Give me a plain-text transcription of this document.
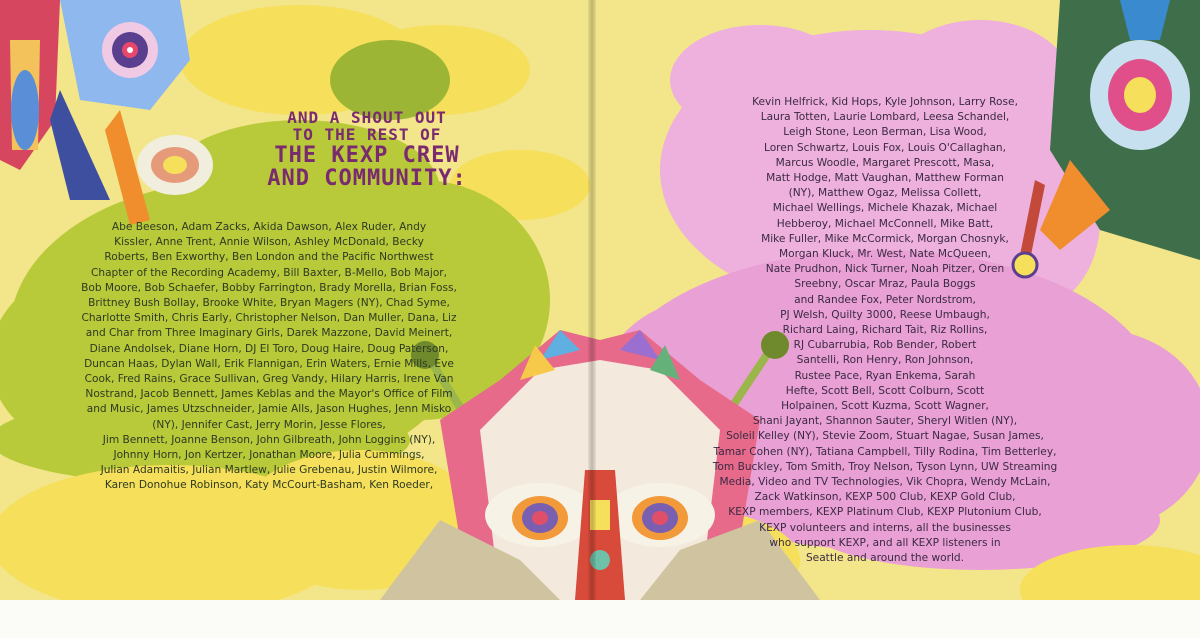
AND A SHOUT OUT
TO THE REST OF
THE KEXP CREW
AND COMMUNITY:
Abe Beeson, Adam Zacks, Akida Dawson, Alex Ruder, Andy
Kissler, Anne Trent, Annie Wilson, Ashley McDonald, Becky
Roberts, Ben Exworthy, Ben London and the Pacific Northwest
Chapter of the Recording Academy, Bill Baxter, B-Mello, Bob Major,
Bob Moore, Bob Schaefer, Bobby Farrington, Brady Morella, Brian Foss,
Brittney Bush Bollay, Brooke White, Bryan Magers (NY), Chad Syme,
Charlotte Smith, Chris Early, Christopher Nelson, Dan Muller, Dana, Liz
and Char from Three Imaginary Girls, Darek Mazzone, David Meinert,
Diane Andolsek, Diane Horn, DJ El Toro, Doug Haire, Doug Paterson,
Duncan Haas, Dylan Wall, Erik Flannigan, Erin Waters, Ernie Mills, Eve
Cook, Fred Rains, Grace Sullivan, Greg Vandy, Hilary Harris, Irene Van
Nostrand, Jacob Bennett, James Keblas and the Mayor's Office of Film
and Music, James Utzschneider, Jamie Alls, Jason Hughes, Jenn Misko
(NY), Jennifer Cast, Jerry Morin, Jesse Flores,
Jim Bennett, Joanne Benson, John Gilbreath, John Loggins (NY),
Johnny Horn, Jon Kertzer, Jonathan Moore, Julia Cummings,
Julian Adamaitis, Julian Martlew, Julie Grebenau, Justin Wilmore,
Karen Donohue Robinson, Katy McCourt-Basham, Ken Roeder,
Kevin Helfrick, Kid Hops, Kyle Johnson, Larry Rose,
Laura Totten, Laurie Lombard, Leesa Schandel,
Leigh Stone, Leon Berman, Lisa Wood,
Loren Schwartz, Louis Fox, Louis O'Callaghan,
Marcus Woodle, Margaret Prescott, Masa,
Matt Hodge, Matt Vaughan, Matthew Forman
(NY), Matthew Ogaz, Melissa Collett,
Michael Wellings, Michele Khazak, Michael
Hebberoy, Michael McConnell, Mike Batt,
Mike Fuller, Mike McCormick, Morgan Chosnyk,
Morgan Kluck, Mr. West, Nate McQueen,
Nate Prudhon, Nick Turner, Noah Pitzer, Oren
Sreebny, Oscar Mraz, Paula Boggs
and Randee Fox, Peter Nordstrom,
PJ Welsh, Quilty 3000, Reese Umbaugh,
Richard Laing, Richard Tait, Riz Rollins,
RJ Cubarrubia, Rob Bender, Robert
Santelli, Ron Henry, Ron Johnson,
Rustee Pace, Ryan Enkema, Sarah
Hefte, Scott Bell, Scott Colburn, Scott
Holpainen, Scott Kuzma, Scott Wagner,
Shani Jayant, Shannon Sauter, Sheryl Witlen (NY),
Soleil Kelley (NY), Stevie Zoom, Stuart Nagae, Susan James,
Tamar Cohen (NY), Tatiana Campbell, Tilly Rodina, Tim Betterley,
Tom Buckley, Tom Smith, Troy Nelson, Tyson Lynn, UW Streaming
Media, Video and TV Technologies, Vik Chopra, Wendy McLain,
Zack Watkinson, KEXP 500 Club, KEXP Gold Club,
KEXP members, KEXP Platinum Club, KEXP Plutonium Club,
KEXP volunteers and interns, all the businesses
who support KEXP, and all KEXP listeners in
Seattle and around the world.
